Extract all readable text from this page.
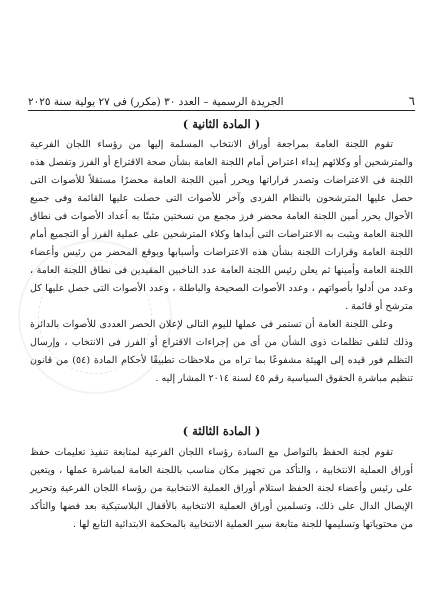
٦
الجريدة الرسمية – العدد ٣٠ (مكرر) فى ٢٧ يولية سنة ٢٠٢٥
( المادة الثانية )

تقوم اللجنة العامة بمراجعة أوراق الانتخاب المسلمة إليها من رؤساء اللجان الفرعية والمترشحين أو وكلائهم إبداء اعتراض أمام اللجنة العامة بشأن صحة الاقتراع أو الفرز وتفصل هذه اللجنة فى الاعتراضات وتصدر قراراتها ويحرر أمين اللجنة العامة محضرًا مستقلاً للأصوات التى حصل عليها المترشحون بالنظام الفردى وآخر للأصوات التى حصلت عليها القائمة وفى جميع الأحوال يحرر أمين اللجنة العامة محضر فرز مجمع من نسختين مثبتًا به أعداد الأصوات فى نطاق اللجنة العامة ويثبت به الاعتراضات التى أبداها وكلاء المترشحين على عملية الفرز أو التجميع أمام اللجنة العامة وقرارات اللجنة بشأن هذه الاعتراضات وأسبابها ويوقع المحضر من رئيس وأعضاء اللجنة العامة وأمينها ثم يعلن رئيس اللجنة العامة عدد الناخبين المقيدين فى نطاق اللجنة العامة ، وعدد من أدلوا بأصواتهم ، وعدد الأصوات الصحيحة والباطلة ، وعدد الأصوات التى حصل عليها كل مترشح أو قائمة .

وعلى اللجنة العامة أن تستمر فى عملها لليوم التالى لإعلان الحصر العددى للأصوات بالدائرة وذلك لتلقى تظلمات ذوى الشأن من أى من إجراءات الاقتراع أو الفرز فى الانتخاب ، وإرسال التظلم فور قيده إلى الهيئة مشفوعًا بما تراه من ملاحظات تطبيقًا لأحكام المادة (٥٤) من قانون تنظيم مباشرة الحقوق السياسية رقم ٤٥ لسنة ٢٠١٤ المشار إليه .

( المادة الثالثة )

تقوم لجنة الحفظ بالتواصل مع السادة رؤساء اللجان الفرعية لمتابعة تنفيذ تعليمات حفظ أوراق العملية الانتخابية ، والتأكد من تجهيز مكان مناسب باللجنة العامة لمباشرة عملها ، ويتعين على رئيس وأعضاء لجنة الحفظ استلام أوراق العملية الانتخابية من رؤساء اللجان الفرعية وتحرير الإيصال الدال على ذلك، وتسلمين أوراق العملية الانتخابية بالأقفال البلاستيكية بعد فضها والتأكد من محتوياتها وتسليمها للجنة متابعة سير العملية الانتخابية بالمحكمة الابتدائية التابع لها .
